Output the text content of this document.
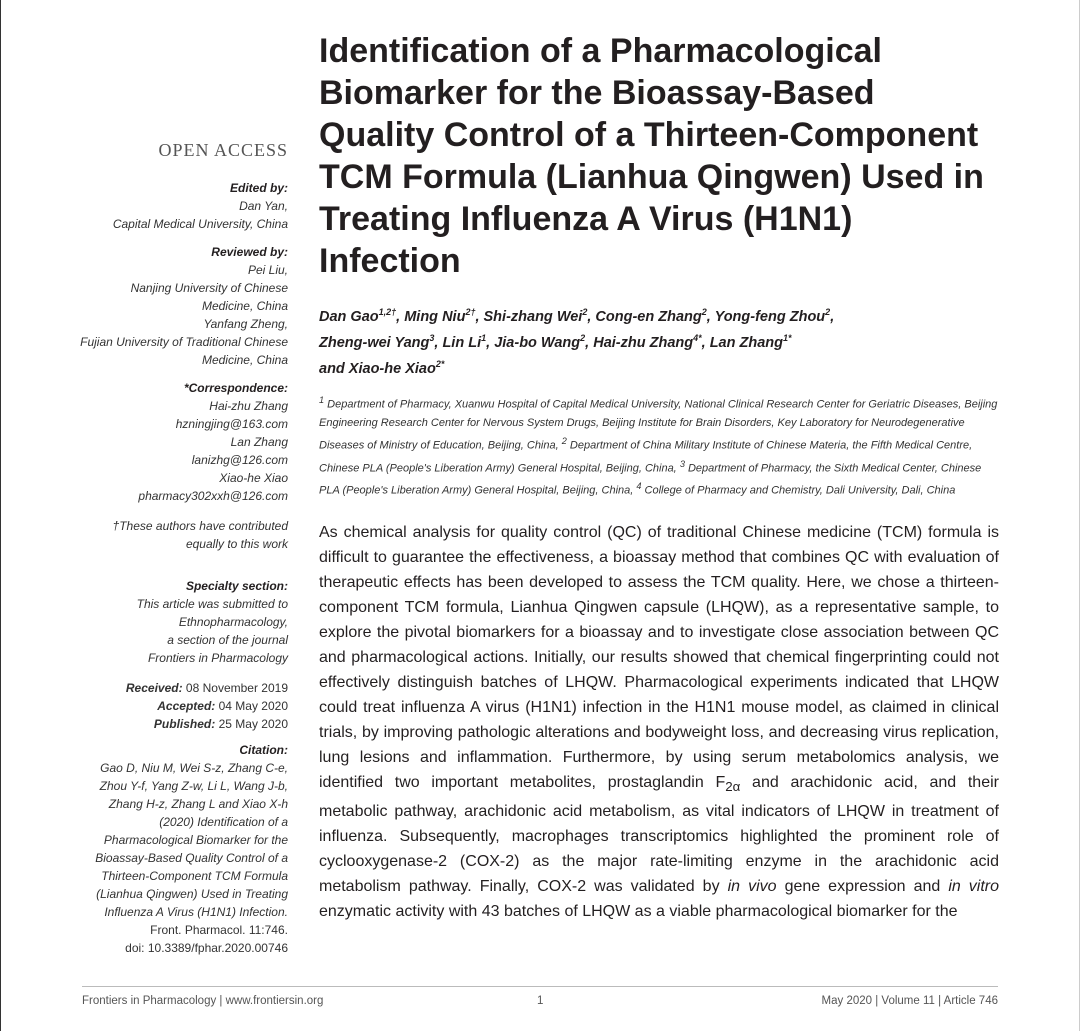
OPEN ACCESS
Edited by:
Dan Yan,
Capital Medical University, China
Reviewed by:
Pei Liu,
Nanjing University of Chinese
Medicine, China
Yanfang Zheng,
Fujian University of Traditional Chinese
Medicine, China
*Correspondence:
Hai-zhu Zhang
hzningjing@163.com
Lan Zhang
lanizhg@126.com
Xiao-he Xiao
pharmacy302xxh@126.com
†These authors have contributed
equally to this work
Specialty section:
This article was submitted to
Ethnopharmacology,
a section of the journal
Frontiers in Pharmacology
Received: 08 November 2019
Accepted: 04 May 2020
Published: 25 May 2020
Citation:
Gao D, Niu M, Wei S-z, Zhang C-e,
Zhou Y-f, Yang Z-w, Li L, Wang J-b,
Zhang H-z, Zhang L and Xiao X-h
(2020) Identification of a
Pharmacological Biomarker for the
Bioassay-Based Quality Control of a
Thirteen-Component TCM Formula
(Lianhua Qingwen) Used in Treating
Influenza A Virus (H1N1) Infection.
Front. Pharmacol. 11:746.
doi: 10.3389/fphar.2020.00746
Identification of a Pharmacological Biomarker for the Bioassay-Based Quality Control of a Thirteen-Component TCM Formula (Lianhua Qingwen) Used in Treating Influenza A Virus (H1N1) Infection
Dan Gao$^{1,2\dagger}$, Ming Niu$^{2\dagger}$, Shi-zhang Wei$^2$, Cong-en Zhang$^2$, Yong-feng Zhou$^2$,
Zheng-wei Yang$^3$, Lin Li$^1$, Jia-bo Wang$^2$, Hai-zhu Zhang$^{4*}$, Lan Zhang$^{1*}$
and Xiao-he Xiao$^{2*}$
$^1$ Department of Pharmacy, Xuanwu Hospital of Capital Medical University, National Clinical Research Center for Geriatric Diseases, Beijing Engineering Research Center for Nervous System Drugs, Beijing Institute for Brain Disorders, Key Laboratory for Neurodegenerative Diseases of Ministry of Education, Beijing, China, $^2$ Department of China Military Institute of Chinese Materia, the Fifth Medical Centre, Chinese PLA (People's Liberation Army) General Hospital, Beijing, China, $^3$ Department of Pharmacy, the Sixth Medical Center, Chinese PLA (People's Liberation Army) General Hospital, Beijing, China, $^4$ College of Pharmacy and Chemistry, Dali University, Dali, China
As chemical analysis for quality control (QC) of traditional Chinese medicine (TCM) formula is difficult to guarantee the effectiveness, a bioassay method that combines QC with evaluation of therapeutic effects has been developed to assess the TCM quality. Here, we chose a thirteen-component TCM formula, Lianhua Qingwen capsule (LHQW), as a representative sample, to explore the pivotal biomarkers for a bioassay and to investigate close association between QC and pharmacological actions. Initially, our results showed that chemical fingerprinting could not effectively distinguish batches of LHQW. Pharmacological experiments indicated that LHQW could treat influenza A virus (H1N1) infection in the H1N1 mouse model, as claimed in clinical trials, by improving pathologic alterations and bodyweight loss, and decreasing virus replication, lung lesions and inflammation. Furthermore, by using serum metabolomics analysis, we identified two important metabolites, prostaglandin $F_{2\alpha}$ and arachidonic acid, and their metabolic pathway, arachidonic acid metabolism, as vital indicators of LHQW in treatment of influenza. Subsequently, macrophages transcriptomics highlighted the prominent role of cyclooxygenase-2 (COX-2) as the major rate-limiting enzyme in the arachidonic acid metabolism pathway. Finally, COX-2 was validated by in vivo gene expression and in vitro enzymatic activity with 43 batches of LHQW as a viable pharmacological biomarker for the
Frontiers in Pharmacology | www.frontiersin.org	1	May 2020 | Volume 11 | Article 746
